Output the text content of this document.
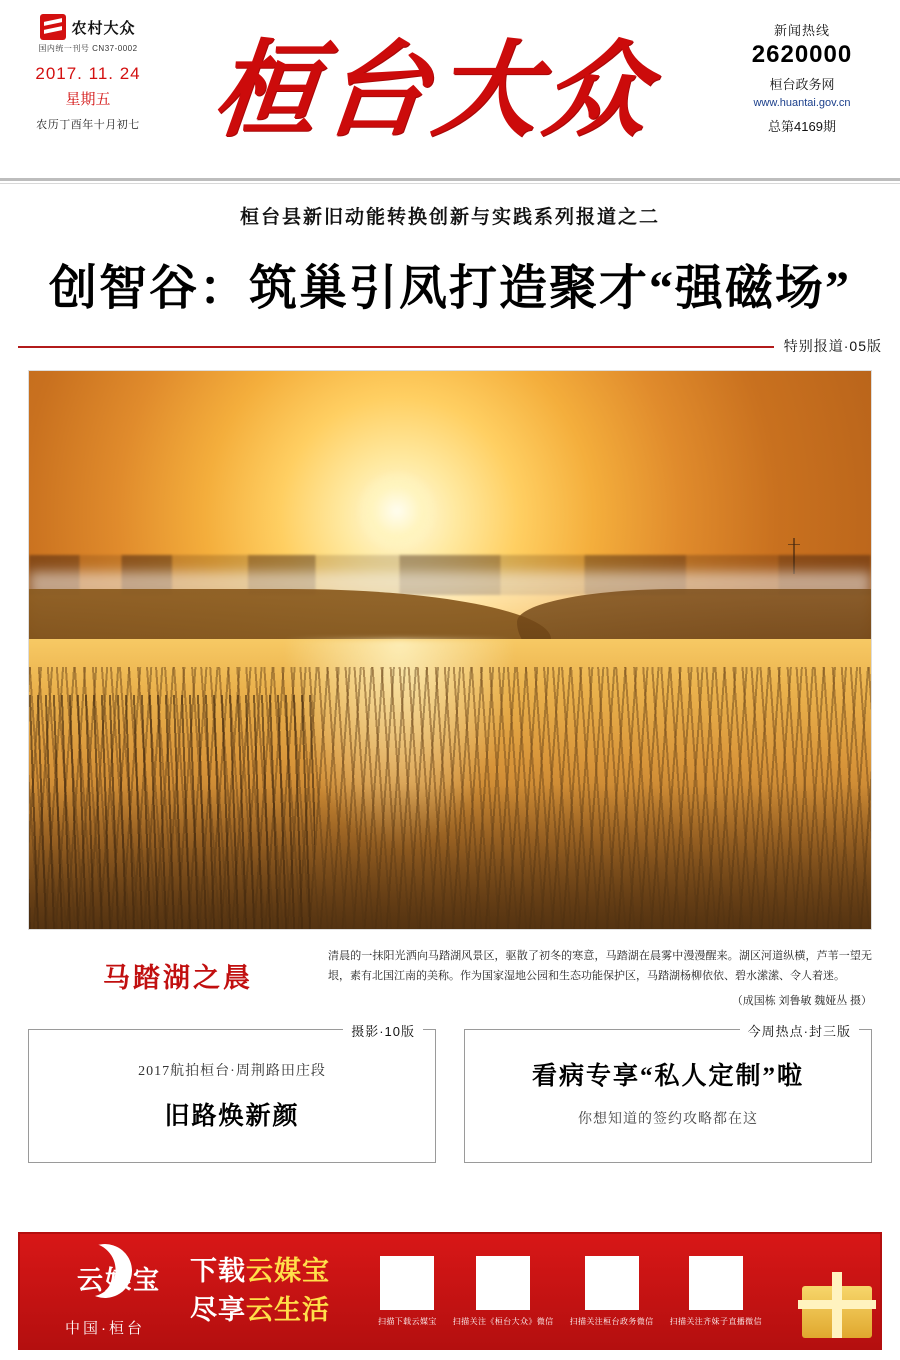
农村大众
国内统一刊号 CN37-0002
2017. 11. 24
星期五
农历丁酉年十月初七 桓台大众
新闻热线
2620000
桓台政务网
www.huantai.gov.cn
总第4169期
桓台县新旧动能转换创新与实践系列报道之二
创智谷：筑巢引凤打造聚才“强磁场”
特别报道·05版
马踏湖之晨
清晨的一抹阳光洒向马踏湖风景区，驱散了初冬的寒意，马踏湖在晨雾中漫漫醒来。湖区河道纵横，芦苇一望无垠，素有北国江南的美称。作为国家湿地公园和生态功能保护区，马踏湖杨柳依依、碧水潆潆、令人着迷。
（成国栋 刘鲁敏 魏娅丛 摄）
摄影·10版
2017航拍桓台·周荆路田庄段
旧路焕新颜
今周热点·封三版
看病专享“私人定制”啦
你想知道的签约攻略都在这
云媒宝
中国·桓台
下载云媒宝
尽享云生活	扫描下载云媒宝 扫描关注《桓台大众》微信 扫描关注桓台政务微信 扫描关注齐妹子直播微信
